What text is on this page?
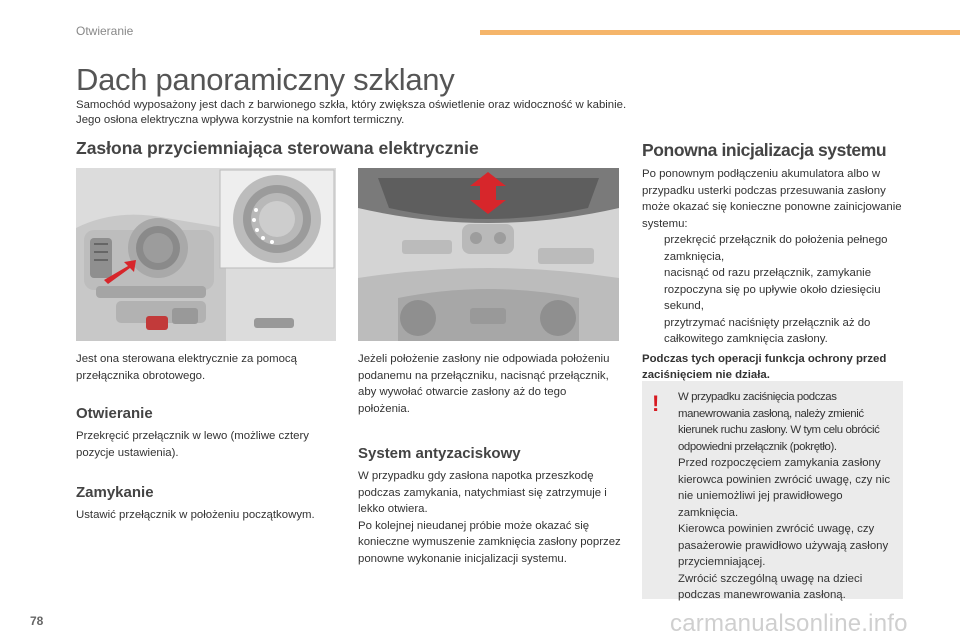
Otwieranie
Dach panoramiczny szklany

Samochód wyposażony jest dach z barwionego szkła, który zwiększa oświetlenie oraz widoczność w kabinie. Jego osłona elektryczna wpływa korzystnie na komfort termiczny.

Zasłona przyciemniająca sterowana elektrycznie	Ponowna inicjalizacja systemu

Jest ona sterowana elektrycznie za pomocą przełącznika obrotowego.

Otwieranie

Przekręcić przełącznik w lewo (możliwe cztery pozycje ustawienia).

Zamykanie

Ustawić przełącznik w położeniu początkowym.

Jeżeli położenie zasłony nie odpowiada położeniu podanemu na przełączniku, nacisnąć przełącznik, aby wywołać otwarcie zasłony aż do tego położenia.

System antyzaciskowy

W przypadku gdy zasłona napotka przeszkodę podczas zamykania, natychmiast się zatrzymuje i lekko otwiera.

Po kolejnej nieudanej próbie może okazać się konieczne wymuszenie zamknięcia zasłony poprzez ponowne wykonanie inicjalizacji systemu.

Po ponownym podłączeniu akumulatora albo w przypadku usterki podczas przesuwania zasłony może okazać się konieczne ponowne zainicjowanie systemu:

przekręcić przełącznik do położenia pełnego zamknięcia,
nacisnąć od razu przełącznik, zamykanie rozpoczyna się po upływie około dziesięciu sekund,
przytrzymać naciśnięty przełącznik aż do całkowitego zamknięcia zasłony.
Podczas tych operacji funkcja ochrony przed zaciśnięciem nie działa.
! W przypadku zaciśnięcia podczas manewrowania zasłoną, należy zmienić kierunek ruchu zasłony. W tym celu obrócić odpowiedni przełącznik (pokrętło).
Przed rozpoczęciem zamykania zasłony kierowca powinien zwrócić uwagę, czy nic nie uniemożliwi jej prawidłowego zamknięcia.
Kierowca powinien zwrócić uwagę, czy pasażerowie prawidłowo używają zasłony przyciemniającej.
Zwrócić szczególną uwagę na dzieci podczas manewrowania zasłoną.
78	carmanualsonline.info
